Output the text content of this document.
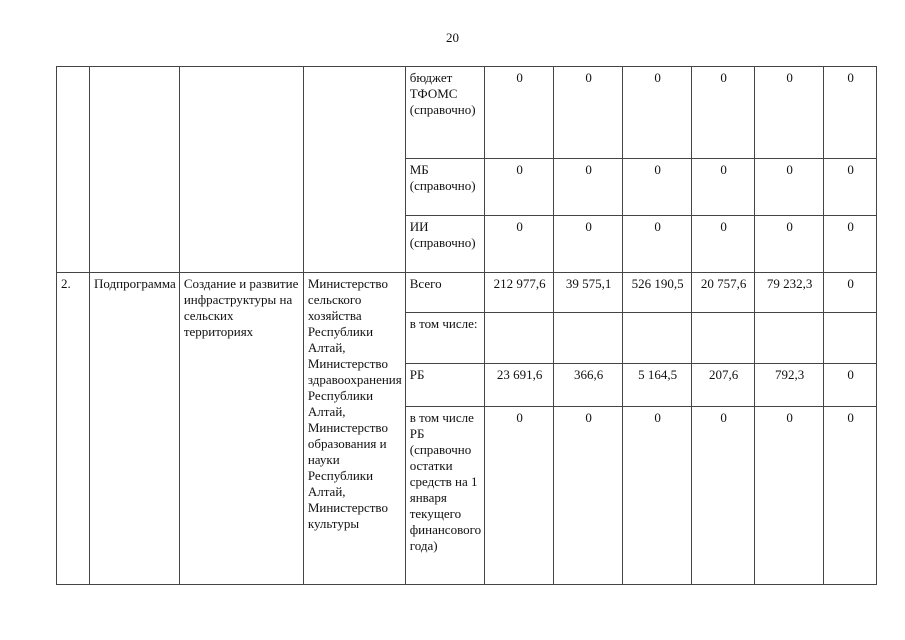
20
				бюджет ТФОМС (справочно)	0	0	0	0	0	0
				МБ (справочно)	0	0	0	0	0	0
				ИИ (справочно)	0	0	0	0	0	0
2.	Подпрограмма	Создание и развитие инфраструктуры на сельских территориях	Министерство сельского хозяйства Республики Алтай, Министерство здравоохранения Республики Алтай, Министерство образования и науки Республики Алтай, Министерство культуры	Всего	212 977,6	39 575,1	526 190,5	20 757,6	79 232,3	0
				в том числе:						
				РБ	23 691,6	366,6	5 164,5	207,6	792,3	0
				в том числе РБ (справочно остатки средств на 1 января текущего финансового года)	0	0	0	0	0	0
